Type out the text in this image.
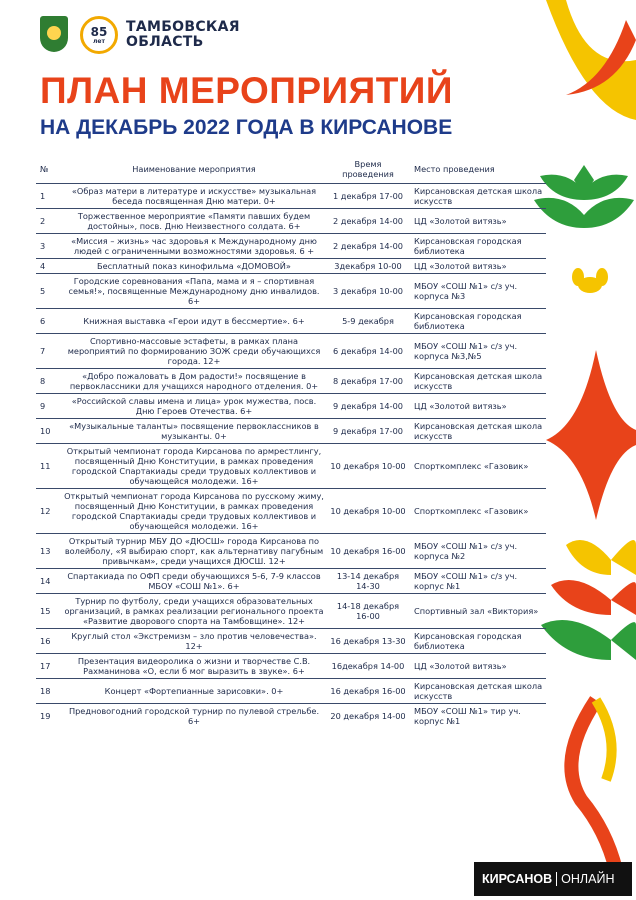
85
лет
ТАМБОВСКАЯ
ОБЛАСТЬ
ПЛАН МЕРОПРИЯТИЙ
НА ДЕКАБРЬ 2022 ГОДА В КИРСАНОВЕ
№	Наименование мероприятия	Время проведения	Место проведения
1	«Образ матери в литературе и искусстве» музыкальная беседа посвященная Дню матери. 0+	1 декабря 17-00	Кирсановская детская школа искусств
2	Торжественное мероприятие «Памяти павших будем достойны», посв. Дню Неизвестного солдата. 6+	2 декабря 14-00	ЦД «Золотой витязь»
3	«Миссия – жизнь» час здоровья к Международному дню людей с ограниченными возможностями здоровья. 6 +	2 декабря 14-00	Кирсановская городская библиотека
4	Бесплатный показ кинофильма «ДОМОВОЙ»	3декабря 10-00	ЦД «Золотой витязь»
5	Городские соревнования «Папа, мама и я – спортивная семья!», посвященные Международному дню инвалидов. 6+	3 декабря 10-00	МБОУ «СОШ №1» с/з уч. корпуса №3
6	Книжная выставка «Герои идут в бессмертие». 6+	5-9 декабря	Кирсановская городская библиотека
7	Спортивно-массовые эстафеты, в рамках плана мероприятий по формированию ЗОЖ среди обучающихся города. 12+	6 декабря 14-00	МБОУ «СОШ №1» с/з уч. корпуса №3,№5
8	«Добро пожаловать в Дом радости!» посвящение в первоклассники для учащихся народного отделения. 0+	8 декабря 17-00	Кирсановская детская школа искусств
9	«Российской славы имена и лица» урок мужества, посв. Дню Героев Отечества. 6+	9 декабря 14-00	ЦД «Золотой витязь»
10	«Музыкальные таланты» посвящение первоклассников в музыканты. 0+	9 декабря 17-00	Кирсановская детская школа искусств
11	Открытый чемпионат города Кирсанова по армрестлингу, посвященный Дню Конституции, в рамках проведения городской Спартакиады среди трудовых коллективов и обучающейся молодежи. 16+	10 декабря 10-00	Спорткомплекс «Газовик»
12	Открытый чемпионат города Кирсанова по русскому жиму, посвященный Дню Конституции, в рамках проведения городской Спартакиады среди трудовых коллективов и обучающейся молодежи. 16+	10 декабря 10-00	Спорткомплекс «Газовик»
13	Открытый турнир МБУ ДО «ДЮСШ» города Кирсанова по волейболу, «Я выбираю спорт, как альтернативу пагубным привычкам», среди учащихся ДЮСШ. 12+	10 декабря 16-00	МБОУ «СОШ №1» с/з уч. корпуса №2
14	Спартакиада по ОФП среди обучающихся 5-6, 7-9 классов МБОУ «СОШ №1». 6+	13-14 декабря 14-30	МБОУ «СОШ №1» с/з уч. корпус №1
15	Турнир по футболу, среди учащихся образовательных организаций, в рамках реализации регионального проекта «Развитие дворового спорта на Тамбовщине». 12+	14-18 декабря 16-00	Спортивный зал «Виктория»
16	Круглый стол «Экстремизм – зло против человечества». 12+	16 декабря 13-30	Кирсановская городская библиотека
17	Презентация видеоролика о жизни и творчестве С.В. Рахманинова «О, если б мог выразить в звуке». 6+	16декабря 14-00	ЦД «Золотой витязь»
18	Концерт «Фортепианные зарисовки». 0+	16 декабря 16-00	Кирсановская детская школа искусств
19	Предновогодний городской турнир по пулевой стрельбе. 6+	20 декабря 14-00	МБОУ «СОШ №1» тир уч. корпус №1
КИРСАНОВ ОНЛАЙН
